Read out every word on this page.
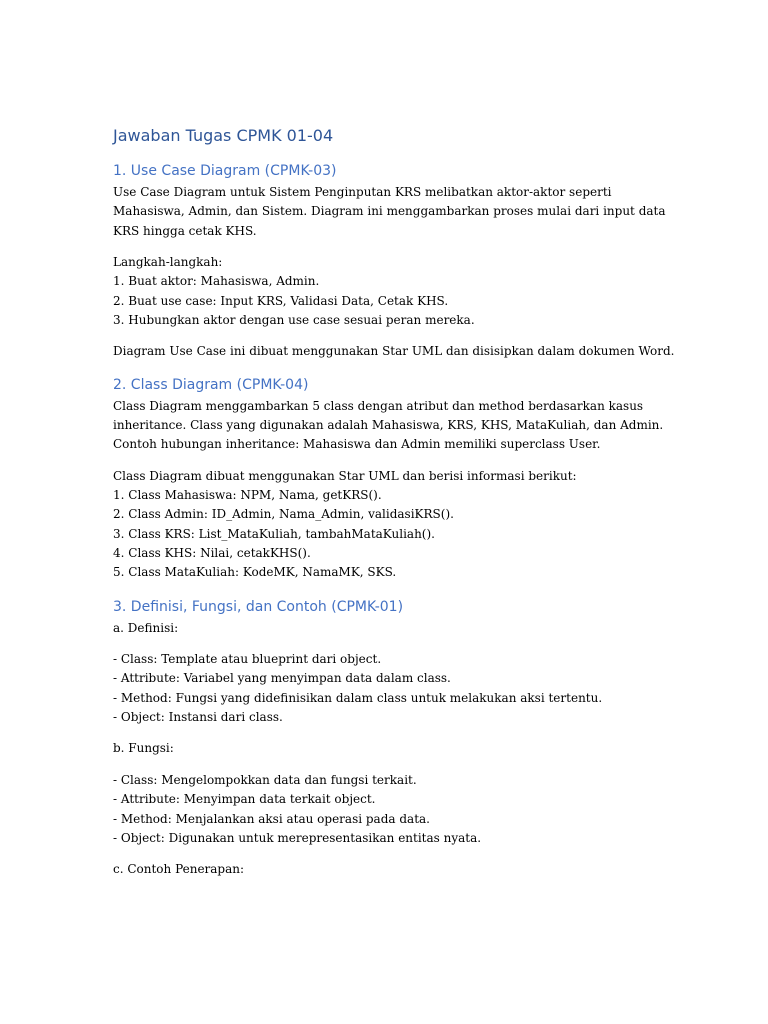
Jawaban Tugas CPMK 01-04
1. Use Case Diagram (CPMK-03)

Use Case Diagram untuk Sistem Penginputan KRS melibatkan aktor-aktor seperti
Mahasiswa, Admin, dan Sistem. Diagram ini menggambarkan proses mulai dari input data
KRS hingga cetak KHS.

Langkah-langkah:
1. Buat aktor: Mahasiswa, Admin.
2. Buat use case: Input KRS, Validasi Data, Cetak KHS.
3. Hubungkan aktor dengan use case sesuai peran mereka.

Diagram Use Case ini dibuat menggunakan Star UML dan disisipkan dalam dokumen Word.

2. Class Diagram (CPMK-04)

Class Diagram menggambarkan 5 class dengan atribut dan method berdasarkan kasus
inheritance. Class yang digunakan adalah Mahasiswa, KRS, KHS, MataKuliah, dan Admin.
Contoh hubungan inheritance: Mahasiswa dan Admin memiliki superclass User.

Class Diagram dibuat menggunakan Star UML dan berisi informasi berikut:
1. Class Mahasiswa: NPM, Nama, getKRS().
2. Class Admin: ID_Admin, Nama_Admin, validasiKRS().
3. Class KRS: List_MataKuliah, tambahMataKuliah().
4. Class KHS: Nilai, cetakKHS().
5. Class MataKuliah: KodeMK, NamaMK, SKS.

3. Definisi, Fungsi, dan Contoh (CPMK-01)

a. Definisi:

- Class: Template atau blueprint dari object.
- Attribute: Variabel yang menyimpan data dalam class.
- Method: Fungsi yang didefinisikan dalam class untuk melakukan aksi tertentu.
- Object: Instansi dari class.

b. Fungsi:

- Class: Mengelompokkan data dan fungsi terkait.
- Attribute: Menyimpan data terkait object.
- Method: Menjalankan aksi atau operasi pada data.
- Object: Digunakan untuk merepresentasikan entitas nyata.

c. Contoh Penerapan:
